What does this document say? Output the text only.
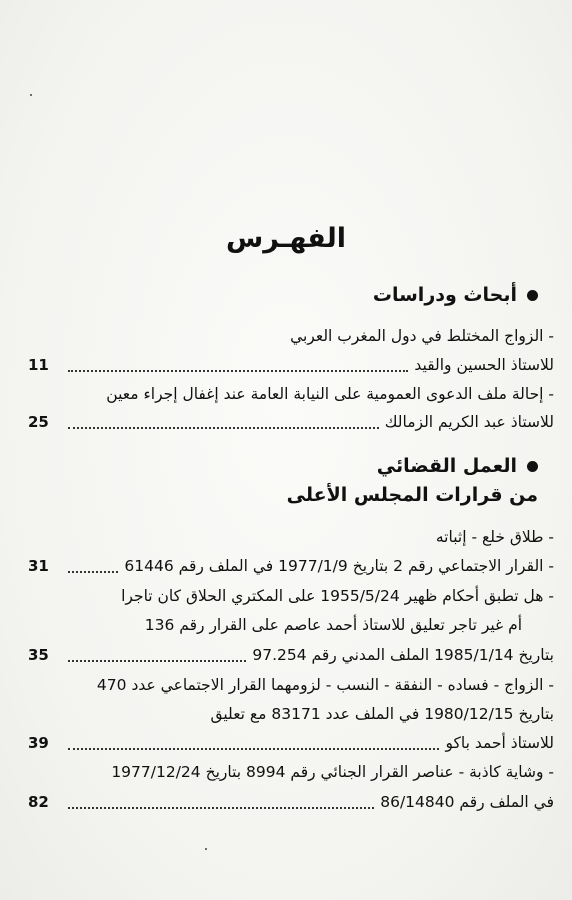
الفهـرس
أبحاث ودراسات
- الزواج المختلط في دول المغرب العربي
11	للاستاذ الحسين والقيد
- إحالة ملف الدعوى العمومية على النيابة العامة عند إغفال إجراء معين
25	للاستاذ عبد الكريم الزمالك
العمل القضائي
من قرارات المجلس الأعلى
- طلاق خلع - إثباته
31	- القرار الاجتماعي رقم 2 بتاريخ 1977/1/9 في الملف رقم 61446
- هل تطبق أحكام ظهير 1955/5/24 على المكتري الحلاق كان تاجرا
أم غير تاجر تعليق للاستاذ أحمد عاصم على القرار رقم 136
35	بتاريخ 1985/1/14 الملف المدني رقم 97.254
- الزواج - فساده - النفقة - النسب - لزومهما القرار الاجتماعي عدد 470
بتاريخ 1980/12/15 في الملف عدد 83171 مع تعليق
39	للاستاذ أحمد باكو
- وشاية كاذبة - عناصر القرار الجنائي رقم 8994 بتاريخ 1977/12/24
82	في الملف رقم 86/14840
